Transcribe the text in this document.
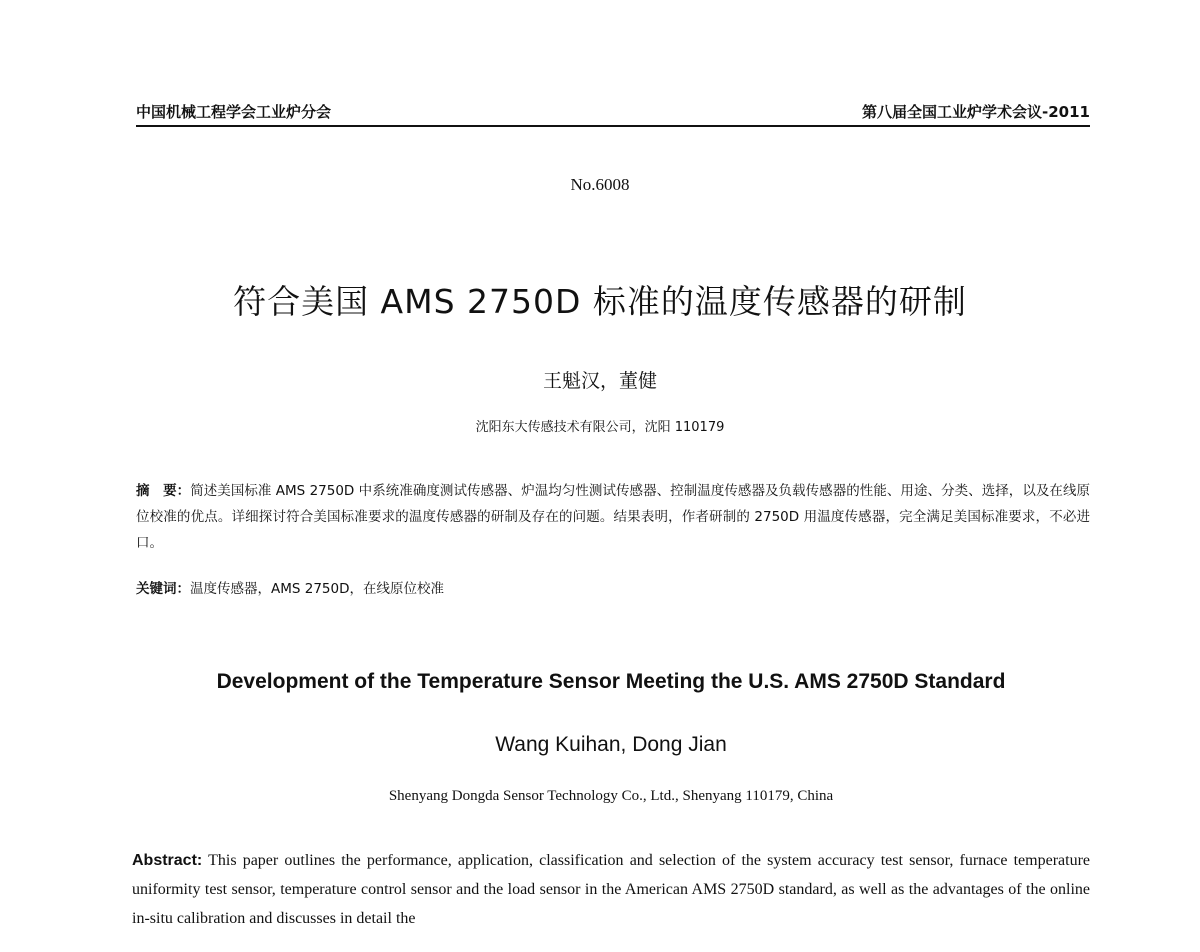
中国机械工程学会工业炉分会	第八届全国工业炉学术会议-2011
No.6008
符合美国 AMS 2750D 标准的温度传感器的研制
王魁汉，董健
沈阳东大传感技术有限公司，沈阳 110179
摘　要：简述美国标准 AMS 2750D 中系统准确度测试传感器、炉温均匀性测试传感器、控制温度传感器及负载传感器的性能、用途、分类、选择，以及在线原位校准的优点。详细探讨符合美国标准要求的温度传感器的研制及存在的问题。结果表明，作者研制的 2750D 用温度传感器，完全满足美国标准要求，不必进口。
关键词：温度传感器，AMS 2750D，在线原位校准
Development of the Temperature Sensor Meeting the U.S. AMS 2750D Standard
Wang Kuihan, Dong Jian
Shenyang Dongda Sensor Technology Co., Ltd., Shenyang 110179, China
Abstract: This paper outlines the performance, application, classification and selection of the system accuracy test sensor, furnace temperature uniformity test sensor, temperature control sensor and the load sensor in the American AMS 2750D standard, as well as the advantages of the online in-situ calibration and discusses in detail the
